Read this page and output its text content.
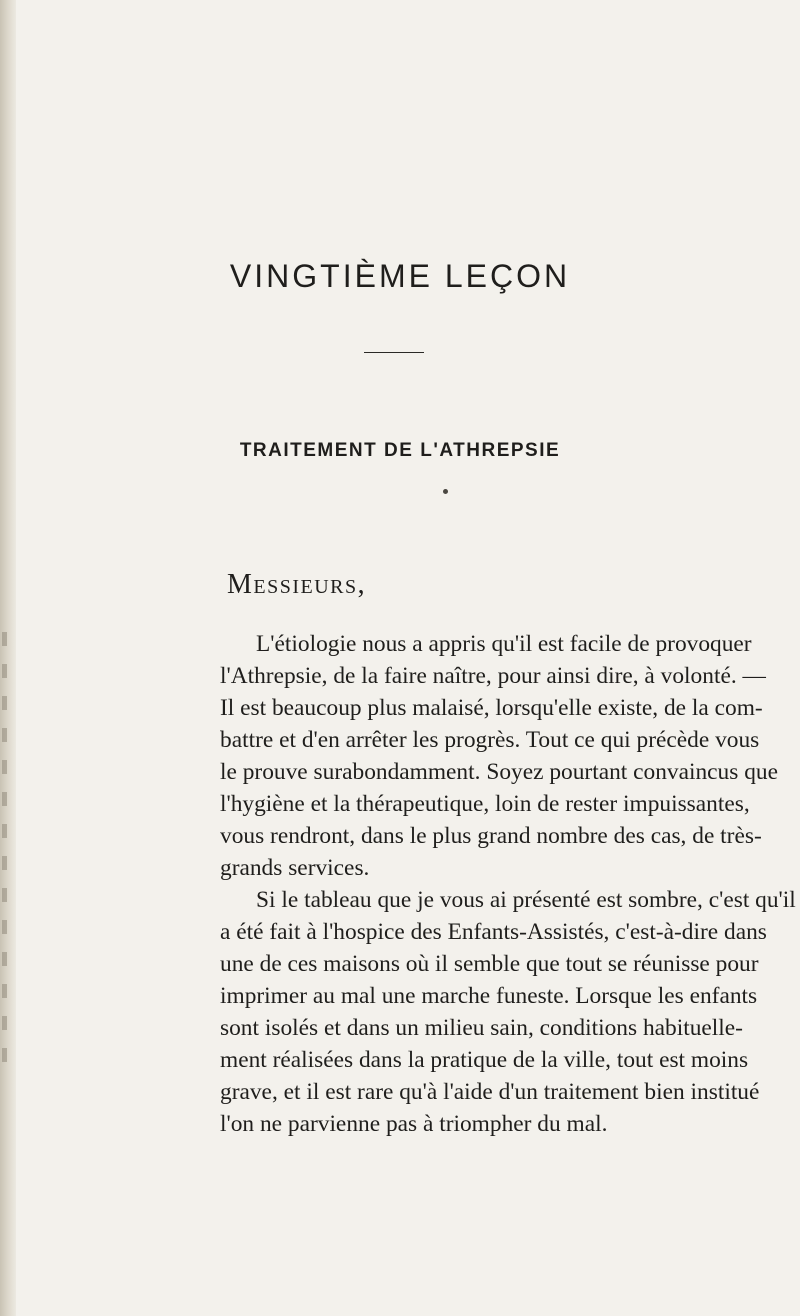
VINGTIÈME LEÇON
TRAITEMENT DE L'ATHREPSIE
Messieurs,
L'étiologie nous a appris qu'il est facile de provoquer
l'Athrepsie, de la faire naître, pour ainsi dire, à volonté. —
Il est beaucoup plus malaisé, lorsqu'elle existe, de la com-
battre et d'en arrêter les progrès. Tout ce qui précède vous
le prouve surabondamment. Soyez pourtant convaincus que
l'hygiène et la thérapeutique, loin de rester impuissantes,
vous rendront, dans le plus grand nombre des cas, de très-
grands services.
Si le tableau que je vous ai présenté est sombre, c'est qu'il
a été fait à l'hospice des Enfants-Assistés, c'est-à-dire dans
une de ces maisons où il semble que tout se réunisse pour
imprimer au mal une marche funeste. Lorsque les enfants
sont isolés et dans un milieu sain, conditions habituelle-
ment réalisées dans la pratique de la ville, tout est moins
grave, et il est rare qu'à l'aide d'un traitement bien institué
l'on ne parvienne pas à triompher du mal.
